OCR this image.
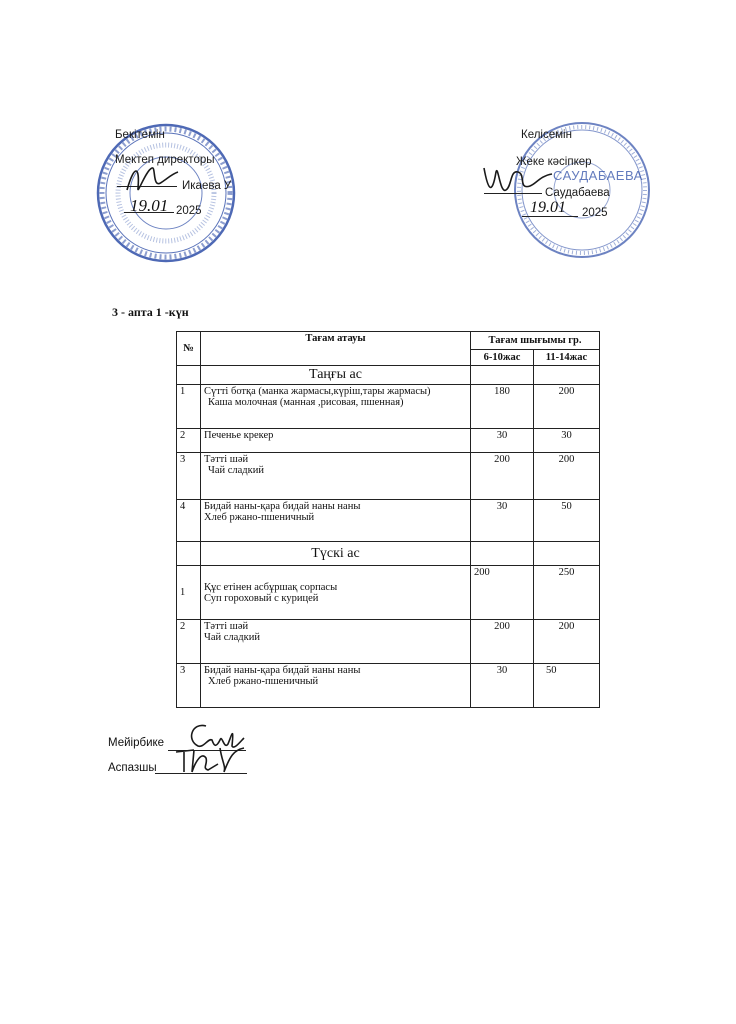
Бекітемін
Мектеп директоры
Икаева У
19.01 2025
САУДАБАЕВА
Келісемін
Жеке кәсіпкер
Саудабаева
19.01 2025
3 - апта 1 -күн
№	Тағам атауы	Тағам шығымы гр.	
		6-10жас	11-14жас
	Таңғы ас		
1	Сүтті ботқа (манка жармасы,күріш,тары жармасы)
Каша молочная (манная ,рисовая, пшенная)	180	200
2	Печенье крекер	30	30
3	Тәтті шәй
Чай сладкий	200	200
4	Бидай наны-қара бидай наны наны
Хлеб ржано-пшеничный	30	50
	Түскі ас		
1	Құс етінен асбұршақ сорпасы
Суп гороховый с курицей	200	250
2	Тәтті шәй
Чай сладкий	200	200
3	Бидай наны-қара бидай наны наны
Хлеб ржано-пшеничный	30	50
Мейірбике
Аспазшы
